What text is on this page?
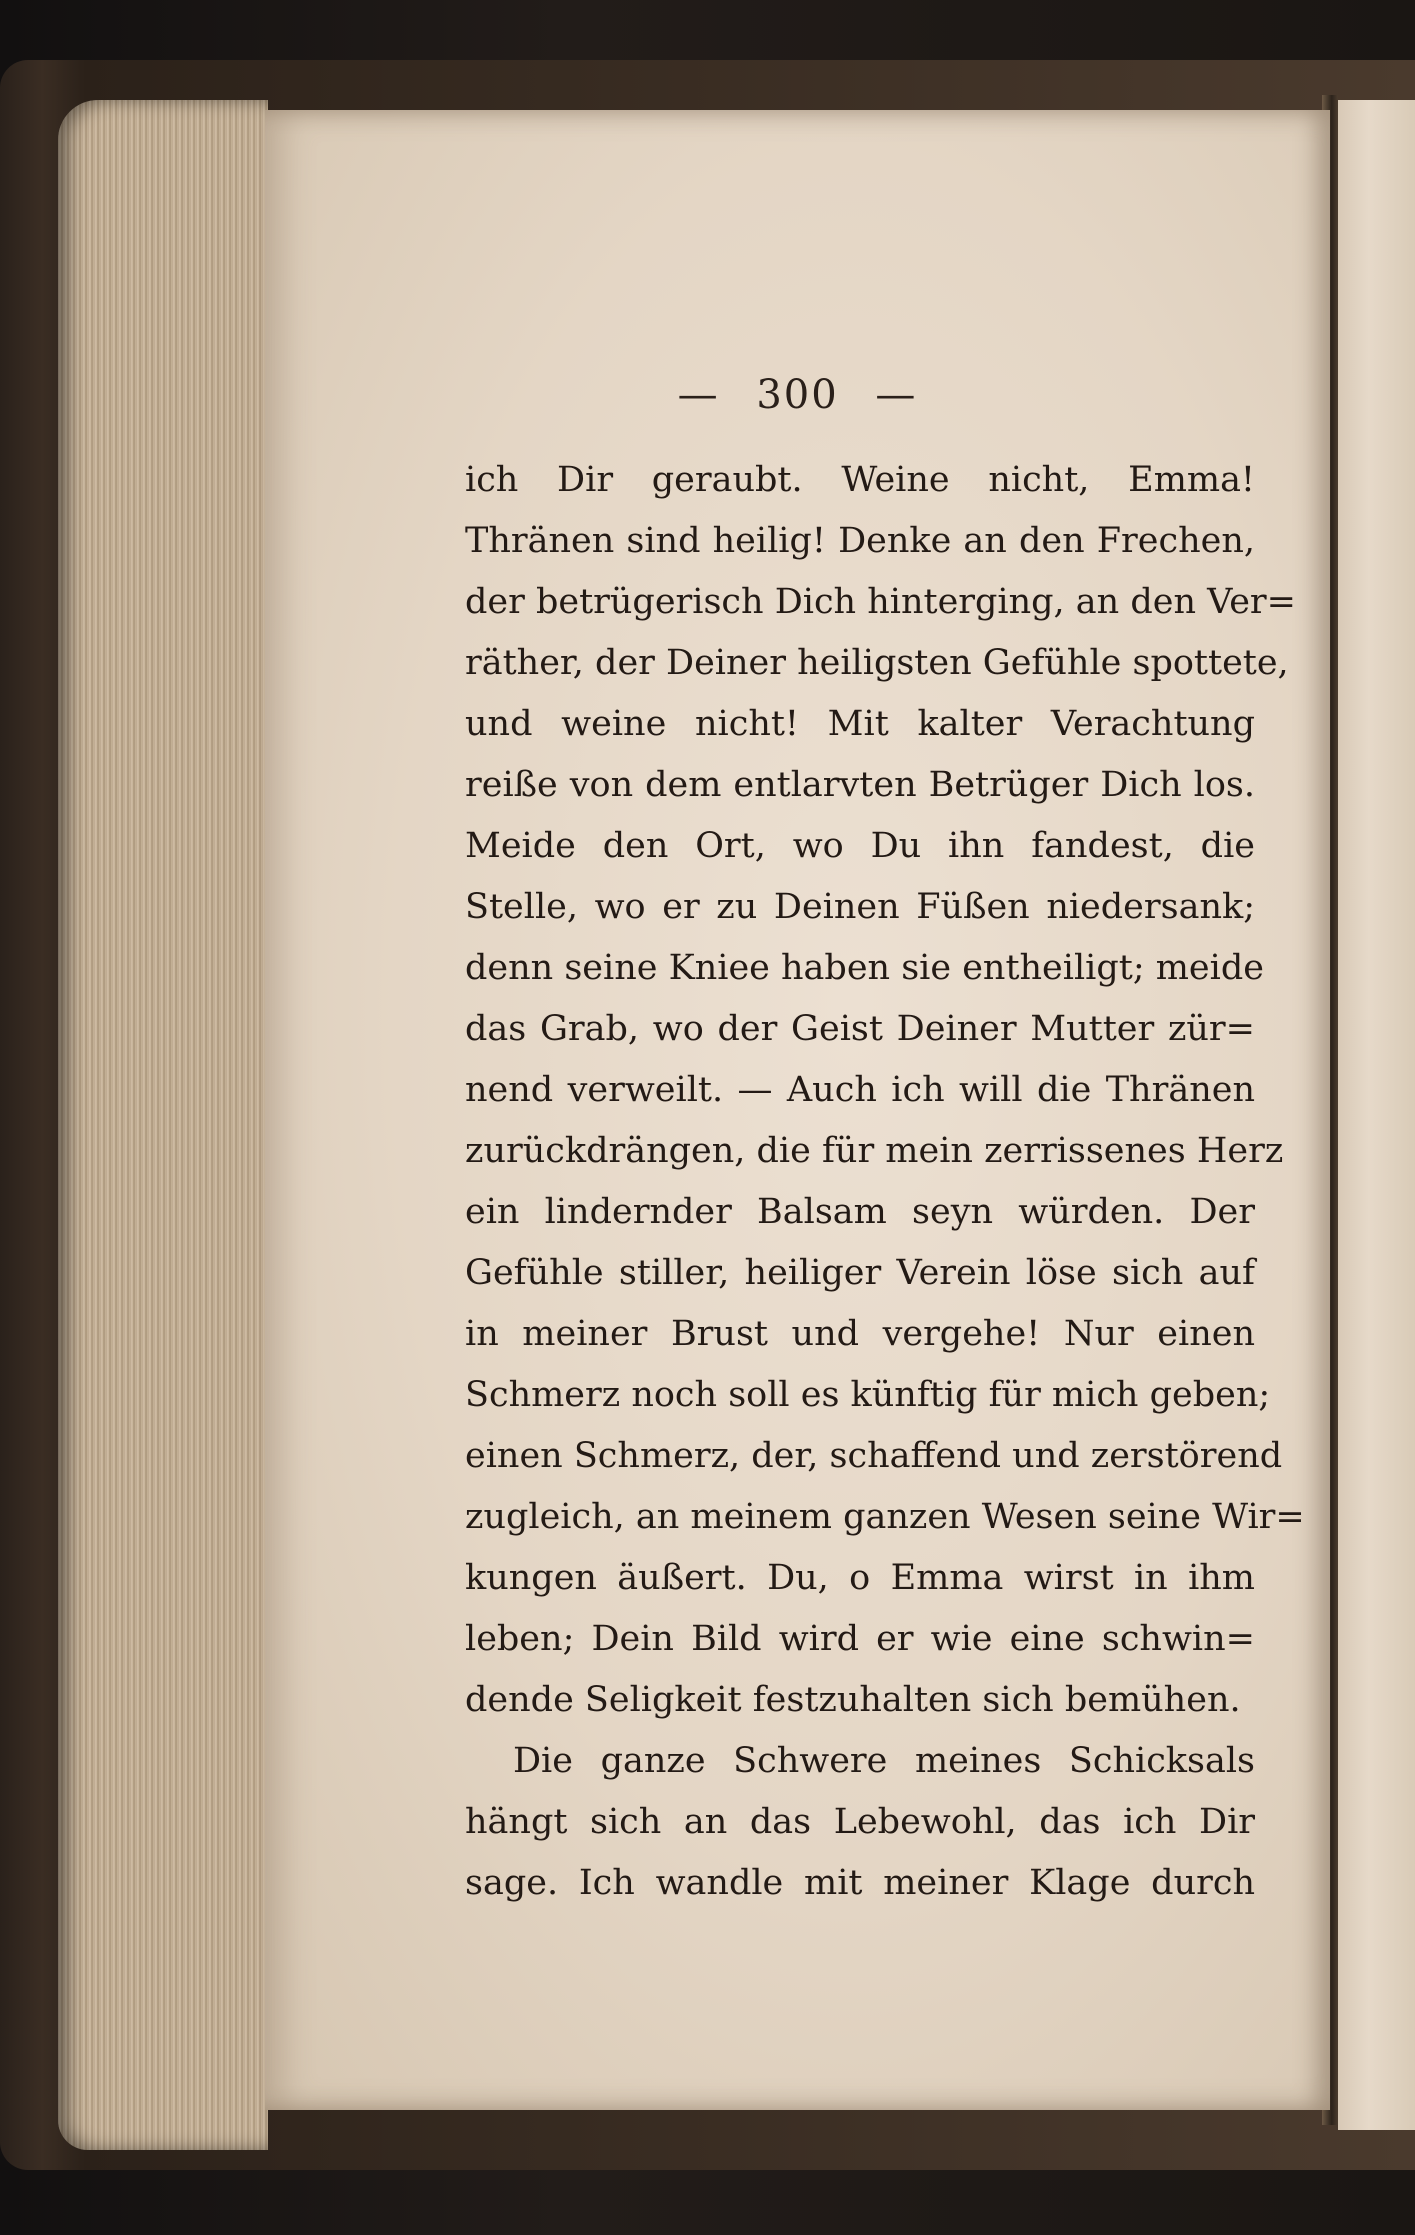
— 300 —
ich Dir geraubt. Weine nicht, Emma!
Thränen sind heilig! Denke an den Frechen,
der betrügerisch Dich hinterging, an den Ver=
räther, der Deiner heiligsten Gefühle spottete,
und weine nicht! Mit kalter Verachtung
reiße von dem entlarvten Betrüger Dich los.
Meide den Ort, wo Du ihn fandest, die
Stelle, wo er zu Deinen Füßen niedersank;
denn seine Kniee haben sie entheiligt; meide
das Grab, wo der Geist Deiner Mutter zür=
nend verweilt. — Auch ich will die Thränen
zurückdrängen, die für mein zerrissenes Herz
ein lindernder Balsam seyn würden. Der
Gefühle stiller, heiliger Verein löse sich auf
in meiner Brust und vergehe! Nur einen
Schmerz noch soll es künftig für mich geben;
einen Schmerz, der, schaffend und zerstörend
zugleich, an meinem ganzen Wesen seine Wir=
kungen äußert. Du, o Emma wirst in ihm
leben; Dein Bild wird er wie eine schwin=
dende Seligkeit festzuhalten sich bemühen.
Die ganze Schwere meines Schicksals
hängt sich an das Lebewohl, das ich Dir
sage. Ich wandle mit meiner Klage durch
